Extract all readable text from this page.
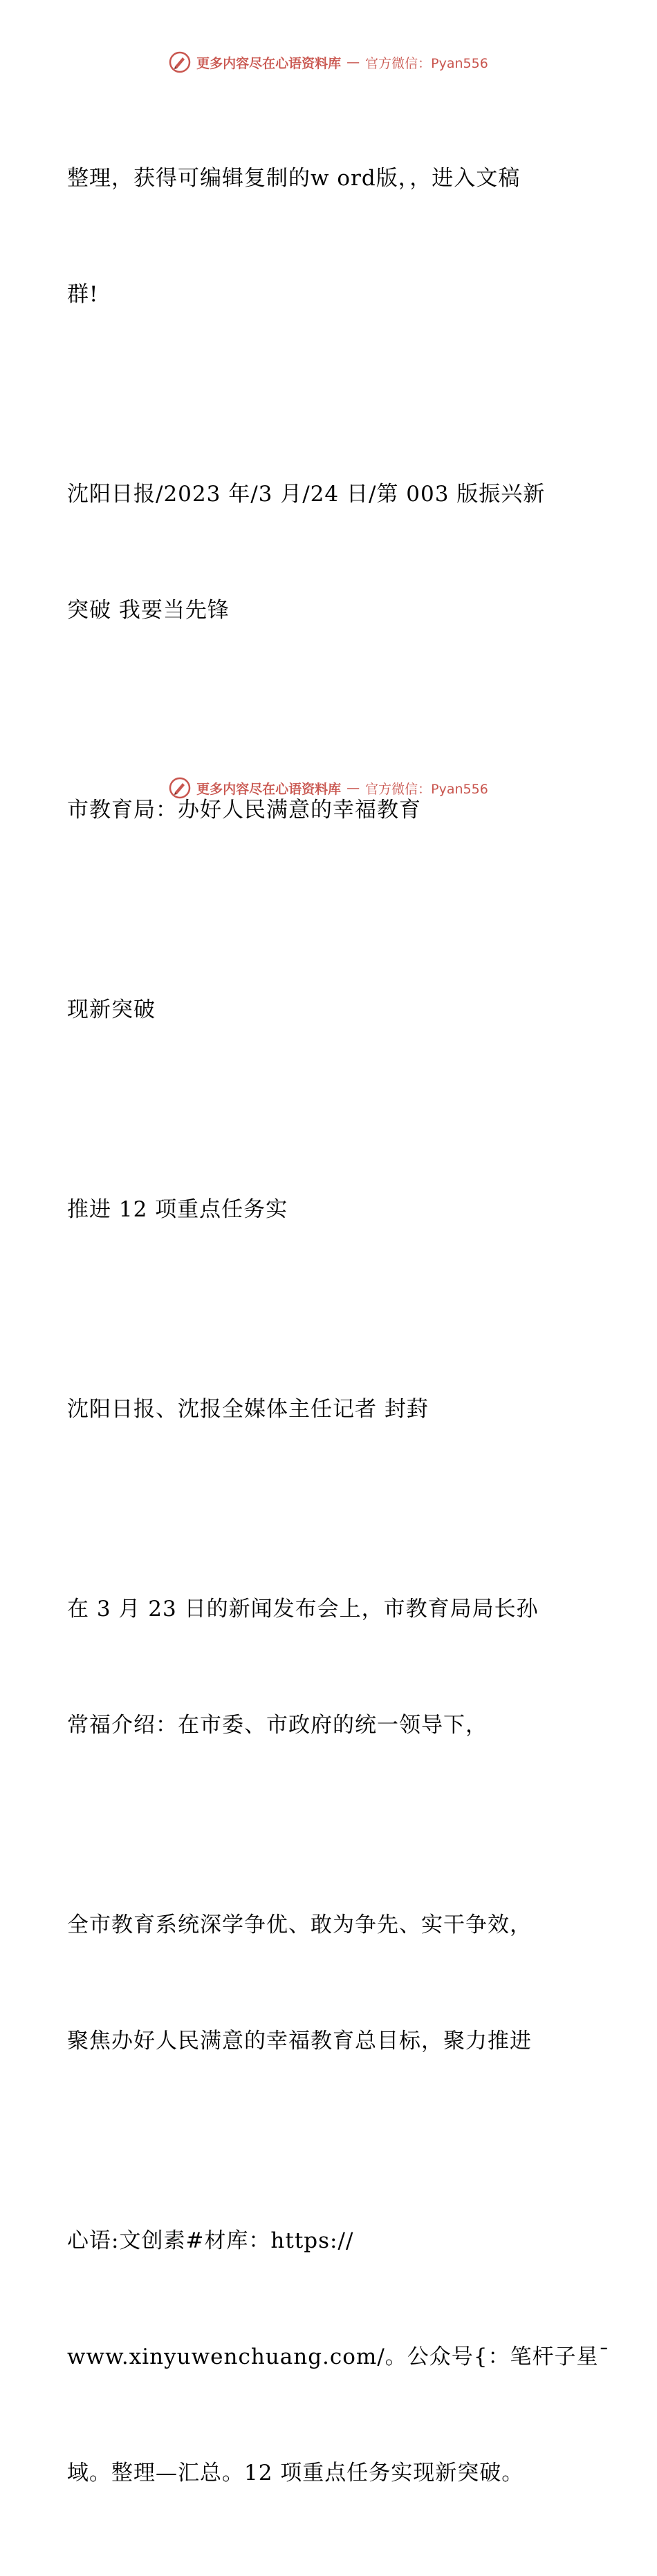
更多内容尽在心语资料库 — 官方微信：Pyan556

整理，获得可编辑复制的w ord版，，进入文稿

群!

沈阳日报/2023 年/3 月/24 日/第 003 版振兴新

突破 我要当先锋

市教育局：办好人民满意的幸福教育

现新突破

推进 12 项重点任务实

沈阳日报、沈报全媒体主任记者 封葑

在 3 月 23 日的新闻发布会上，市教育局局长孙

常福介绍：在市委、市政府的统一领导下，

全市教育系统深学争优、敢为争先、实干争效，

聚焦办好人民满意的幸福教育总目标，聚力推进

心语:文创素#材库：https://

www.xinyuwenchuang.com/。公众号{：笔杆子星¯

域。整理—汇总。12 项重点任务实现新突破。

更多内容尽在心语资料库 — 官方微信：Pyan556
